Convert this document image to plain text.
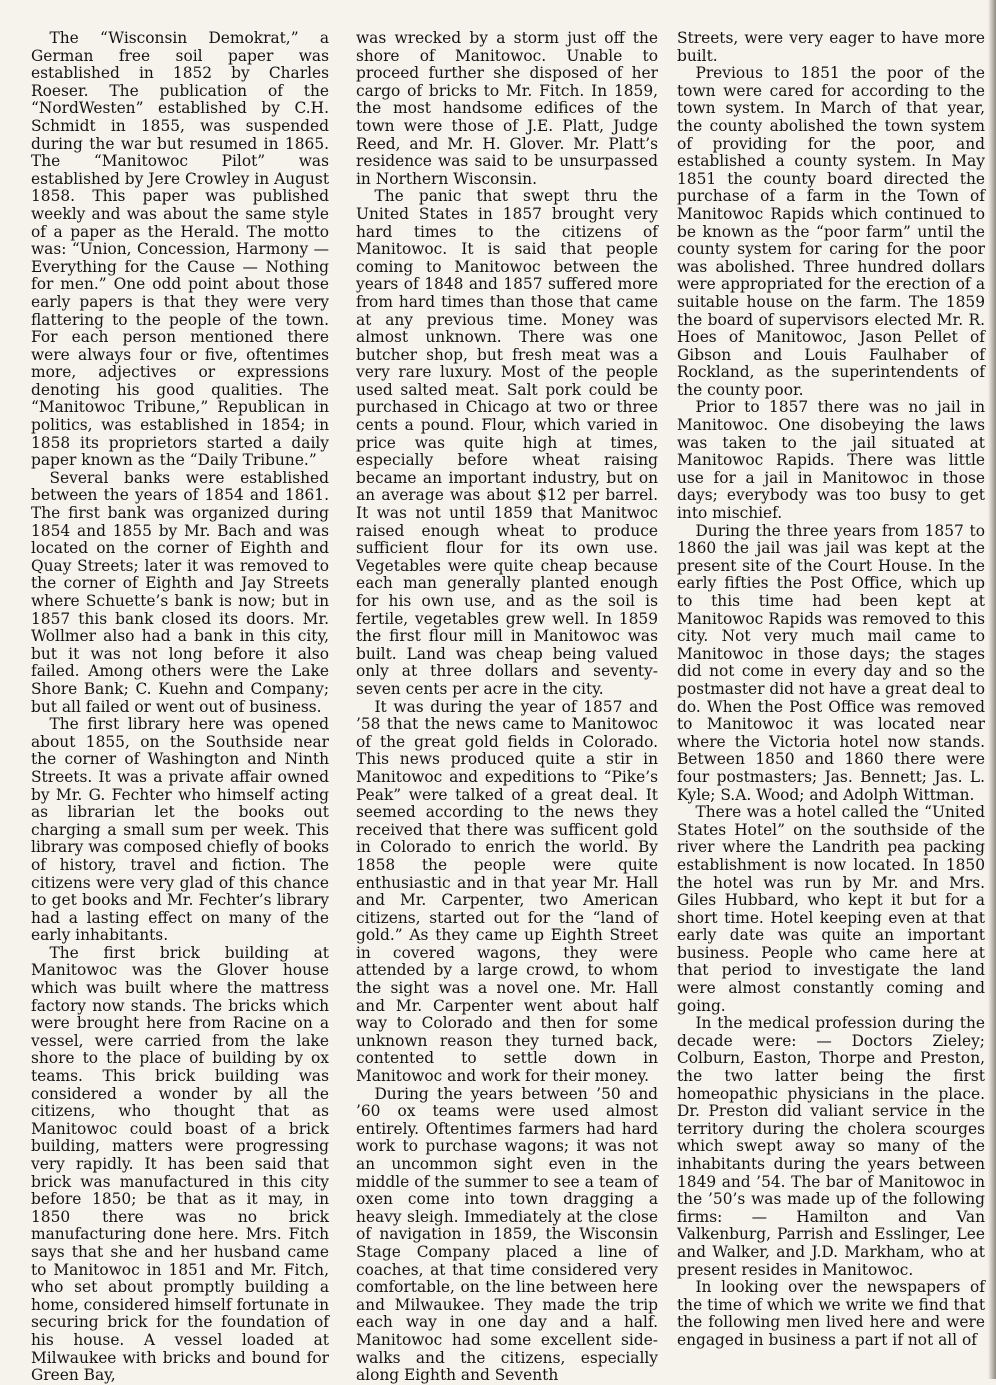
The “Wisconsin Demokrat,” a German free soil paper was established in 1852 by Charles Roeser. The publication of the “NordWesten” established by C.H. Schmidt in 1855, was suspended during the war but resumed in 1865. The “Manitowoc Pilot” was established by Jere Crowley in August 1858. This paper was published weekly and was about the same style of a paper as the Herald. The motto was: “Union, Concession, Harmony — Everything for the Cause — Nothing for men.” One odd point about those early papers is that they were very flattering to the people of the town. For each person mentioned there were always four or five, oftentimes more, adjectives or expressions denoting his good qualities. The “Manitowoc Tribune,” Republican in politics, was established in 1854; in 1858 its proprietors started a daily paper known as the “Daily Tribune.”

Several banks were established between the years of 1854 and 1861. The first bank was organized during 1854 and 1855 by Mr. Bach and was located on the corner of Eighth and Quay Streets; later it was removed to the corner of Eighth and Jay Streets where Schuette’s bank is now; but in 1857 this bank closed its doors. Mr. Wollmer also had a bank in this city, but it was not long before it also failed. Among others were the Lake Shore Bank; C. Kuehn and Company; but all failed or went out of business.

The first library here was opened about 1855, on the Southside near the corner of Washington and Ninth Streets. It was a private affair owned by Mr. G. Fechter who himself acting as librarian let the books out charging a small sum per week. This library was composed chiefly of books of history, travel and fiction. The citizens were very glad of this chance to get books and Mr. Fechter’s library had a lasting effect on many of the early inhabitants.

The first brick building at Manitowoc was the Glover house which was built where the mattress factory now stands. The bricks which were brought here from Racine on a vessel, were carried from the lake shore to the place of building by ox teams. This brick building was considered a wonder by all the citizens, who thought that as Manitowoc could boast of a brick building, matters were progressing very rapidly. It has been said that brick was manufactured in this city before 1850; be that as it may, in 1850 there was no brick manufacturing done here. Mrs. Fitch says that she and her husband came to Manitowoc in 1851 and Mr. Fitch, who set about promptly building a home, considered himself fortunate in securing brick for the foundation of his house. A vessel loaded at Milwaukee with bricks and bound for Green Bay,

was wrecked by a storm just off the shore of Manitowoc. Unable to proceed further she disposed of her cargo of bricks to Mr. Fitch. In 1859, the most handsome edifices of the town were those of J.E. Platt, Judge Reed, and Mr. H. Glover. Mr. Platt’s residence was said to be unsurpassed in Northern Wisconsin.

The panic that swept thru the United States in 1857 brought very hard times to the citizens of Manitowoc. It is said that people coming to Manitowoc between the years of 1848 and 1857 suffered more from hard times than those that came at any previous time. Money was almost unknown. There was one butcher shop, but fresh meat was a very rare luxury. Most of the people used salted meat. Salt pork could be purchased in Chicago at two or three cents a pound. Flour, which varied in price was quite high at times, especially before wheat raising became an important industry, but on an average was about $12 per barrel. It was not until 1859 that Manitwoc raised enough wheat to produce sufficient flour for its own use. Vegetables were quite cheap because each man generally planted enough for his own use, and as the soil is fertile, vegetables grew well. In 1859 the first flour mill in Manitowoc was built. Land was cheap being valued only at three dollars and seventy-seven cents per acre in the city.

It was during the year of 1857 and ’58 that the news came to Manitowoc of the great gold fields in Colorado. This news produced quite a stir in Manitowoc and expeditions to “Pike’s Peak” were talked of a great deal. It seemed according to the news they received that there was sufficent gold in Colorado to enrich the world. By 1858 the people were quite enthusiastic and in that year Mr. Hall and Mr. Carpenter, two American citizens, started out for the “land of gold.” As they came up Eighth Street in covered wagons, they were attended by a large crowd, to whom the sight was a novel one. Mr. Hall and Mr. Carpenter went about half way to Colorado and then for some unknown reason they turned back, contented to settle down in Manitowoc and work for their money.

During the years between ’50 and ’60 ox teams were used almost entirely. Oftentimes farmers had hard work to purchase wagons; it was not an uncommon sight even in the middle of the summer to see a team of oxen come into town dragging a heavy sleigh. Immediately at the close of navigation in 1859, the Wisconsin Stage Company placed a line of coaches, at that time considered very comfortable, on the line between here and Milwaukee. They made the trip each way in one day and a half. Manitowoc had some excellent side-walks and the citizens, especially along Eighth and Seventh

Streets, were very eager to have more built.

Previous to 1851 the poor of the town were cared for according to the town system. In March of that year, the county abolished the town system of providing for the poor, and established a county system. In May 1851 the county board directed the purchase of a farm in the Town of Manitowoc Rapids which continued to be known as the “poor farm” until the county system for caring for the poor was abolished. Three hundred dollars were appropriated for the erection of a suitable house on the farm. The 1859 the board of supervisors elected Mr. R. Hoes of Manitowoc, Jason Pellet of Gibson and Louis Faulhaber of Rockland, as the superintendents of the county poor.

Prior to 1857 there was no jail in Manitowoc. One disobeying the laws was taken to the jail situated at Manitowoc Rapids. There was little use for a jail in Manitowoc in those days; everybody was too busy to get into mischief.

During the three years from 1857 to 1860 the jail was jail was kept at the present site of the Court House. In the early fifties the Post Office, which up to this time had been kept at Manitowoc Rapids was removed to this city. Not very much mail came to Manitowoc in those days; the stages did not come in every day and so the postmaster did not have a great deal to do. When the Post Office was removed to Manitowoc it was located near where the Victoria hotel now stands. Between 1850 and 1860 there were four postmasters; Jas. Bennett; Jas. L. Kyle; S.A. Wood; and Adolph Wittman.

There was a hotel called the “United States Hotel” on the southside of the river where the Landrith pea packing establishment is now located. In 1850 the hotel was run by Mr. and Mrs. Giles Hubbard, who kept it but for a short time. Hotel keeping even at that early date was quite an important business. People who came here at that period to investigate the land were almost constantly coming and going.

In the medical profession during the decade were: — Doctors Zieley; Colburn, Easton, Thorpe and Preston, the two latter being the first homeopathic physicians in the place. Dr. Preston did valiant service in the territory during the cholera scourges which swept away so many of the inhabitants during the years between 1849 and ’54. The bar of Manitowoc in the ’50’s was made up of the following firms: — Hamilton and Van Valkenburg, Parrish and Esslinger, Lee and Walker, and J.D. Markham, who at present resides in Manitowoc.

In looking over the newspapers of the time of which we write we find that the following men lived here and were engaged in business a part if not all of
